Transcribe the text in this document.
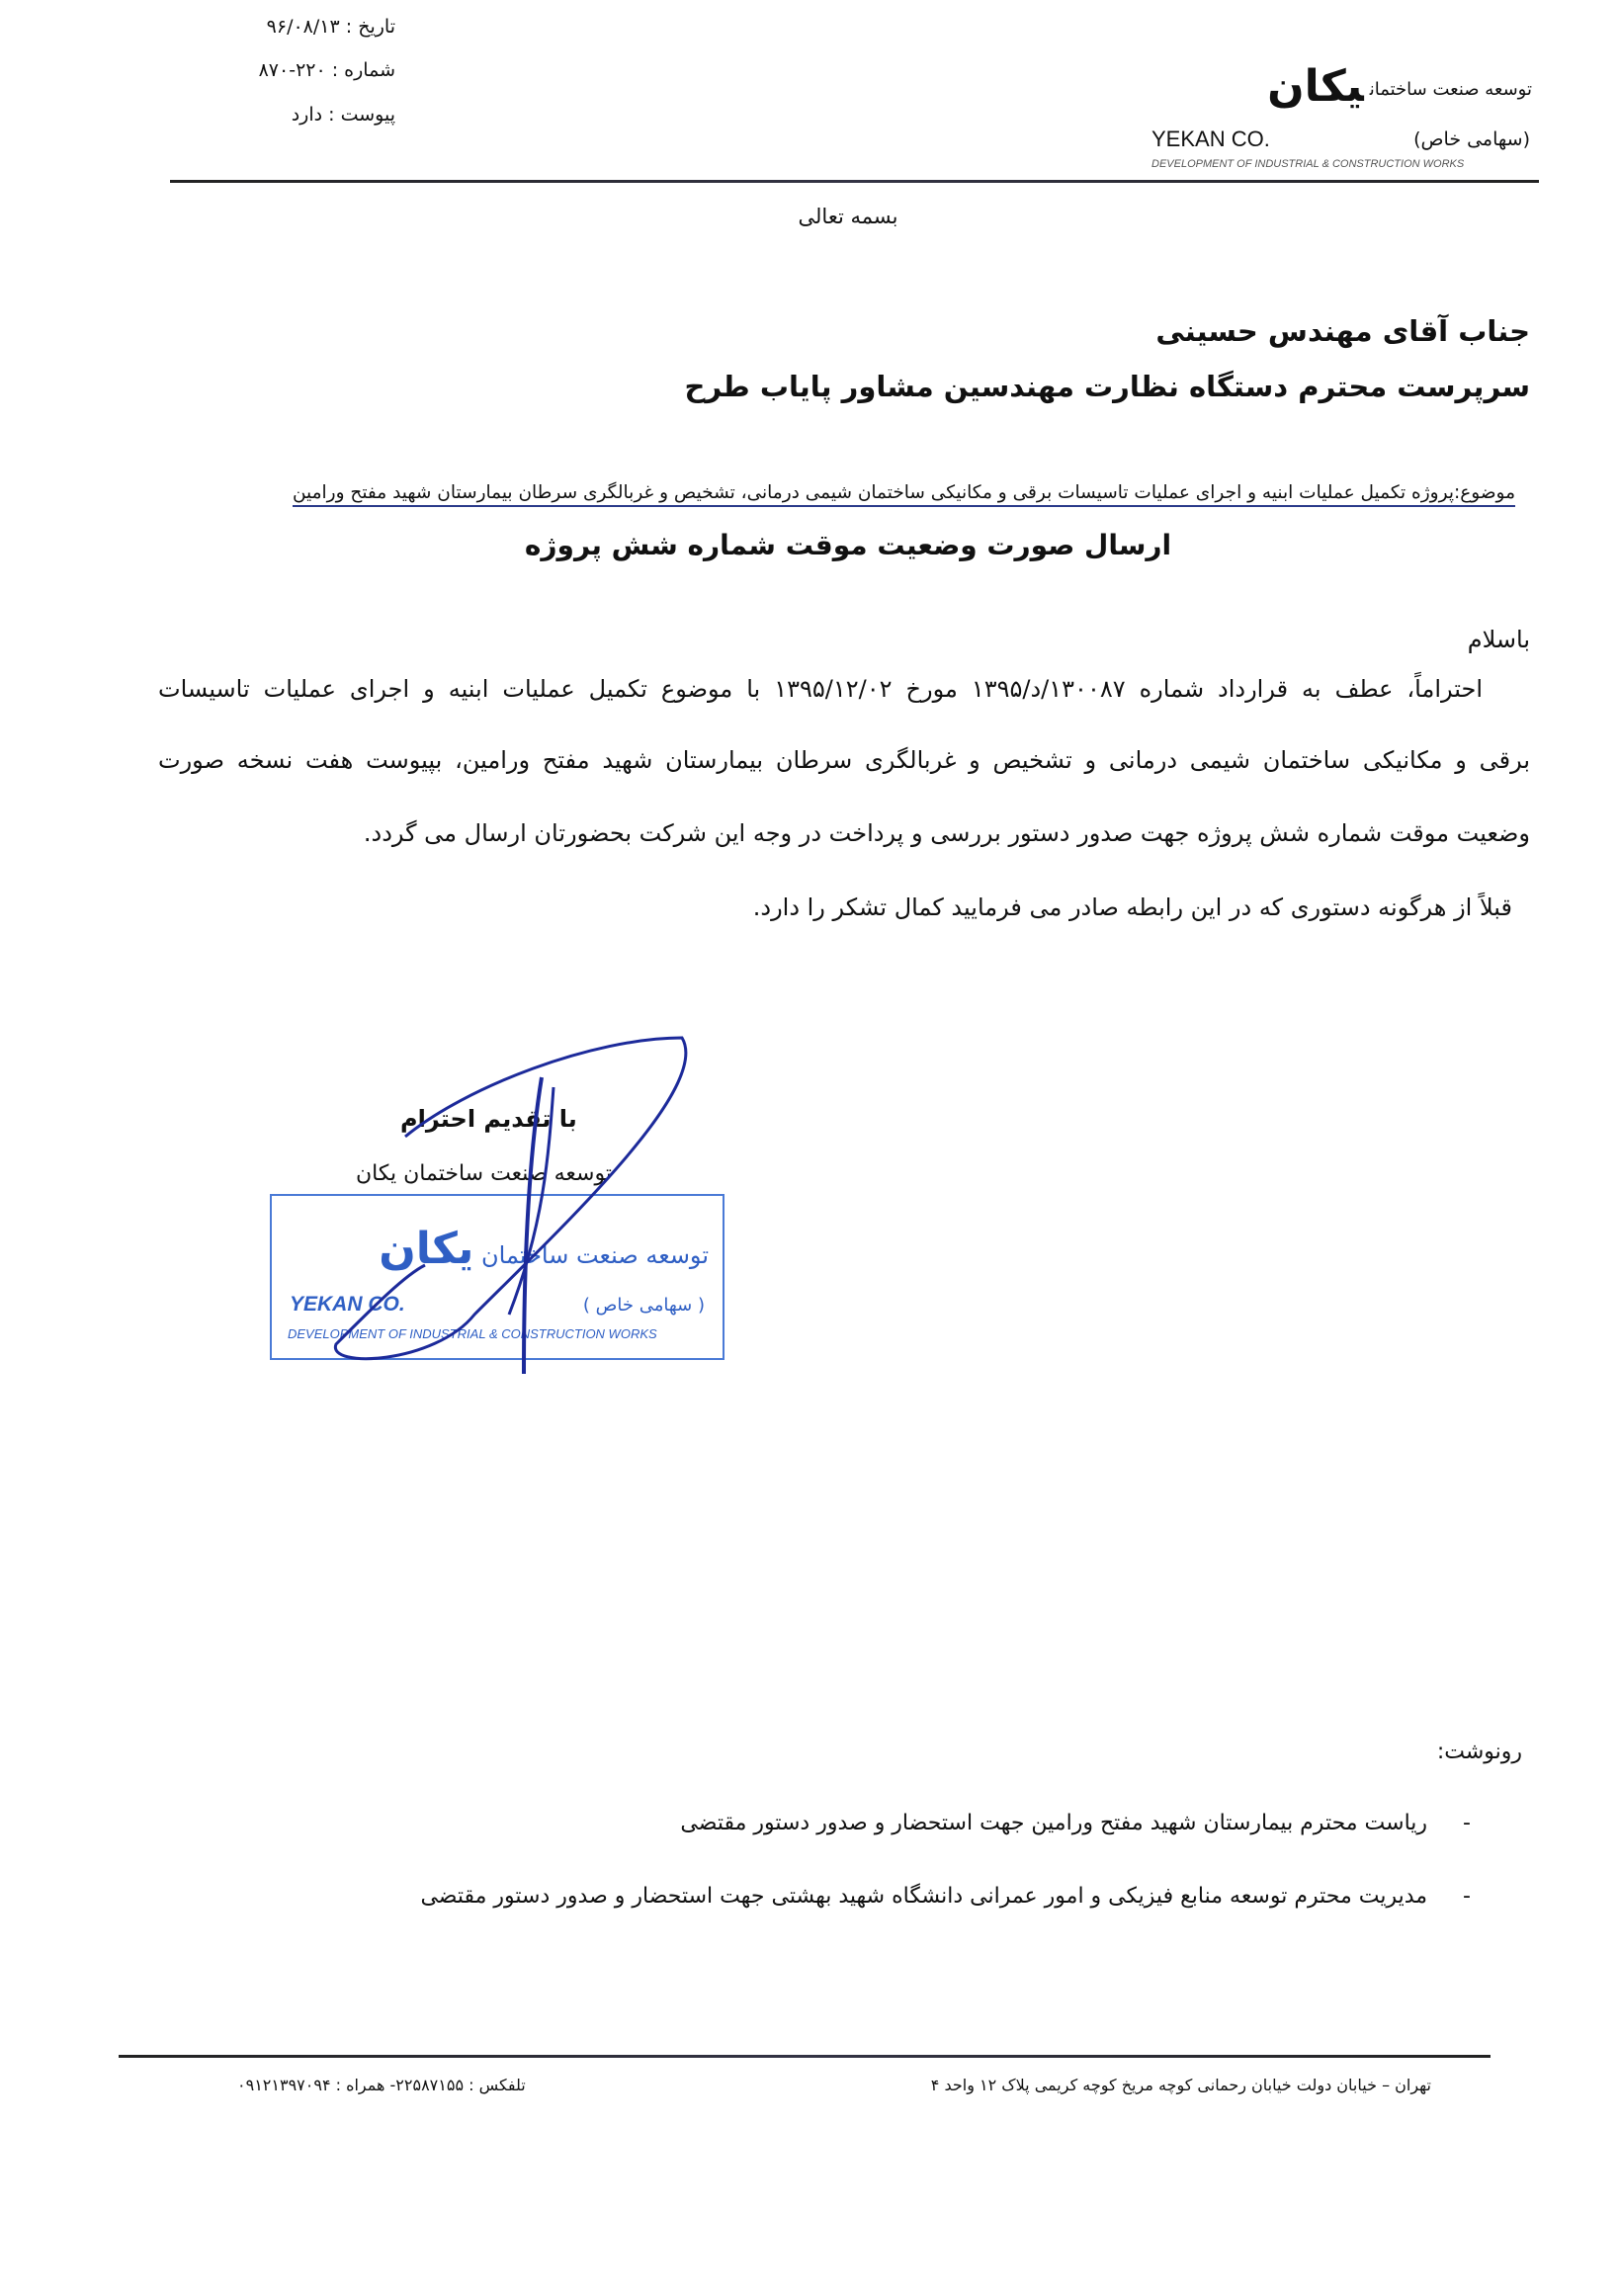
تاریخ : ۹۶/۰۸/۱۳
شماره : ۲۲۰-۸۷۰
پیوست : دارد
توسعه صنعت ساختمانیکان
YEKAN CO.	(سهامی خاص)
DEVELOPMENT OF INDUSTRIAL & CONSTRUCTION WORKS
بسمه تعالی
جناب آقای مهندس حسینی
سرپرست محترم دستگاه نظارت مهندسین مشاور پایاب طرح
موضوع:پروژه تکمیل عملیات ابنیه و اجرای عملیات تاسیسات برقی و مکانیکی ساختمان شیمی درمانی، تشخیص و غربالگری سرطان بیمارستان شهید مفتح ورامین
ارسال صورت وضعیت موقت شماره شش پروژه
باسلام
احتراماً، عطف به قرارداد شماره ۱۳۰۰۸۷/د/۱۳۹۵ مورخ ۱۳۹۵/۱۲/۰۲ با موضوع تکمیل عملیات ابنیه و اجرای عملیات تاسیسات
برقی و مکانیکی ساختمان شیمی درمانی و تشخیص و غربالگری سرطان بیمارستان شهید مفتح ورامین، بپیوست هفت نسخه صورت
وضعیت موقت شماره شش پروژه جهت صدور دستور بررسی و پرداخت در وجه این شرکت بحضورتان ارسال می گردد.
قبلاً از هرگونه دستوری که در این رابطه صادر می فرمایید کمال تشکر را دارد.
با تقدیم احترام
توسعه صنعت ساختمان یکان
توسعه صنعت ساختمان یکان
YEKAN CO.	( سهامی خاص )
DEVELOPMENT OF INDUSTRIAL & CONSTRUCTION WORKS
رونوشت:
-ریاست محترم بیمارستان شهید مفتح ورامین جهت استحضار و صدور دستور مقتضی
-مدیریت محترم توسعه منابع فیزیکی و امور عمرانی دانشگاه شهید بهشتی جهت استحضار و صدور دستور مقتضی
تهران – خیابان دولت خیابان رحمانی کوچه مریخ کوچه کریمی پلاک ۱۲ واحد ۴
تلفکس : ۲۲۵۸۷۱۵۵- همراه : ۰۹۱۲۱۳۹۷۰۹۴
